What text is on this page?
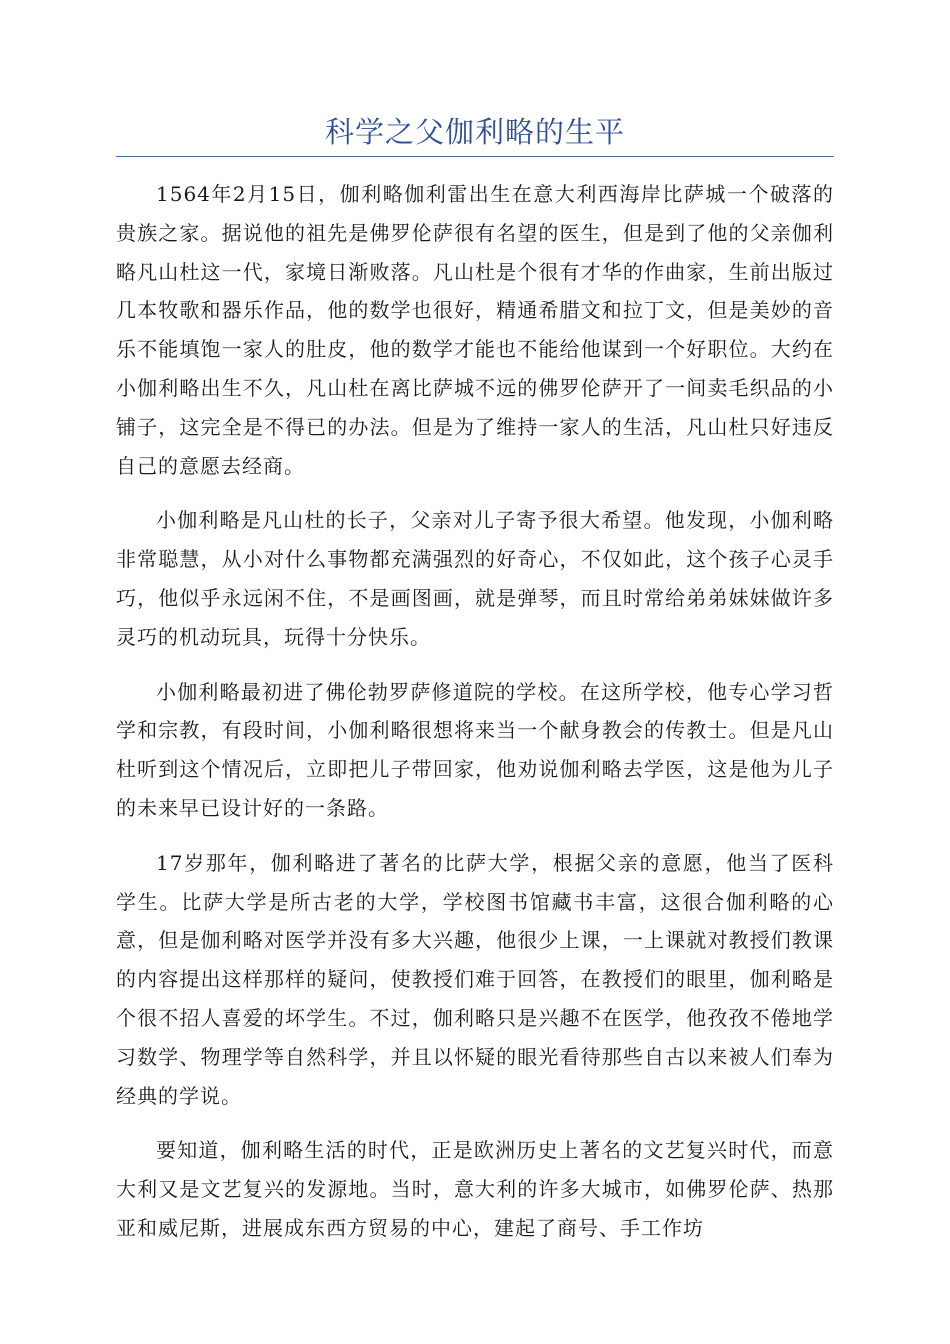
科学之父伽利略的生平

1564年2月15日，伽利略伽利雷出生在意大利西海岸比萨城一个破落的贵族之家。据说他的祖先是佛罗伦萨很有名望的医生，但是到了他的父亲伽利略凡山杜这一代，家境日渐败落。凡山杜是个很有才华的作曲家，生前出版过几本牧歌和器乐作品，他的数学也很好，精通希腊文和拉丁文，但是美妙的音乐不能填饱一家人的肚皮，他的数学才能也不能给他谋到一个好职位。大约在小伽利略出生不久，凡山杜在离比萨城不远的佛罗伦萨开了一间卖毛织品的小铺子，这完全是不得已的办法。但是为了维持一家人的生活，凡山杜只好违反自己的意愿去经商。

小伽利略是凡山杜的长子，父亲对儿子寄予很大希望。他发现，小伽利略非常聪慧，从小对什么事物都充满强烈的好奇心，不仅如此，这个孩子心灵手巧，他似乎永远闲不住，不是画图画，就是弹琴，而且时常给弟弟妹妹做许多灵巧的机动玩具，玩得十分快乐。

小伽利略最初进了佛伦勃罗萨修道院的学校。在这所学校，他专心学习哲学和宗教，有段时间，小伽利略很想将来当一个献身教会的传教士。但是凡山杜听到这个情况后，立即把儿子带回家，他劝说伽利略去学医，这是他为儿子的未来早已设计好的一条路。

17岁那年，伽利略进了著名的比萨大学，根据父亲的意愿，他当了医科学生。比萨大学是所古老的大学，学校图书馆藏书丰富，这很合伽利略的心意，但是伽利略对医学并没有多大兴趣，他很少上课，一上课就对教授们教课的内容提出这样那样的疑问，使教授们难于回答，在教授们的眼里，伽利略是个很不招人喜爱的坏学生。不过，伽利略只是兴趣不在医学，他孜孜不倦地学习数学、物理学等自然科学，并且以怀疑的眼光看待那些自古以来被人们奉为经典的学说。

要知道，伽利略生活的时代，正是欧洲历史上著名的文艺复兴时代，而意大利又是文艺复兴的发源地。当时，意大利的许多大城市，如佛罗伦萨、热那亚和威尼斯，进展成东西方贸易的中心，建起了商号、手工作坊
